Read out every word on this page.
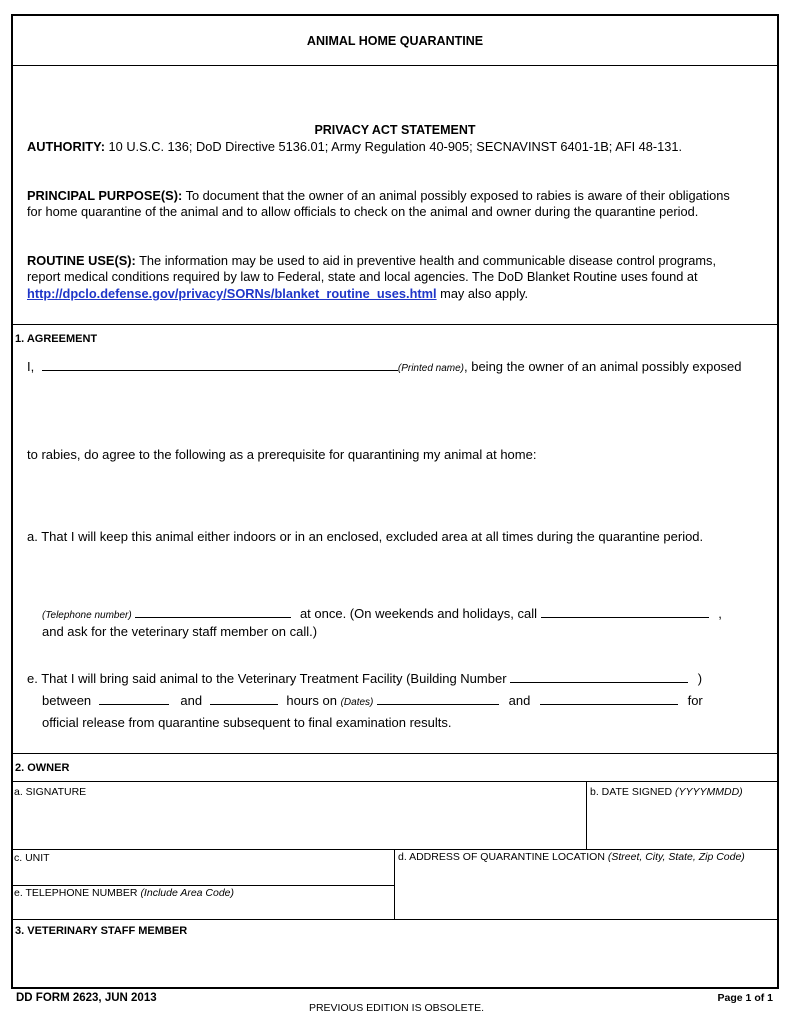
ANIMAL HOME QUARANTINE
PRIVACY ACT STATEMENT
AUTHORITY: 10 U.S.C. 136; DoD Directive 5136.01; Army Regulation 40-905; SECNAVINST 6401-1B; AFI 48-131.
PRINCIPAL PURPOSE(S): To document that the owner of an animal possibly exposed to rabies is aware of their obligations
for home quarantine of the animal and to allow officials to check on the animal and owner during the quarantine period.
ROUTINE USE(S): The information may be used to aid in preventive health and communicable disease control programs,
report medical conditions required by law to Federal, state and local agencies. The DoD Blanket Routine uses found at
http://dpclo.defense.gov/privacy/SORNs/blanket_routine_uses.html may also apply.
1. AGREEMENT
I,	(Printed name), being the owner of an animal possibly exposed
to rabies, do agree to the following as a prerequisite for quarantining my animal at home:
a. That I will keep this animal either indoors or in an enclosed, excluded area at all times during the quarantine period.
(Telephone number)	at once. (On weekends and holidays, call	,
and ask for the veterinary staff member on call.)
e. That I will bring said animal to the Veterinary Treatment Facility (Building Number	)
between	and	hours on (Dates)	and	for
official release from quarantine subsequent to final examination results.
2. OWNER
a. SIGNATURE	b. DATE SIGNED (YYYYMMDD)
c. UNIT	d. ADDRESS OF QUARANTINE LOCATION (Street, City, State, Zip Code)
e. TELEPHONE NUMBER (Include Area Code)
3. VETERINARY STAFF MEMBER
DD FORM 2623, JUN 2013
PREVIOUS EDITION IS OBSOLETE.
Page 1 of 1
